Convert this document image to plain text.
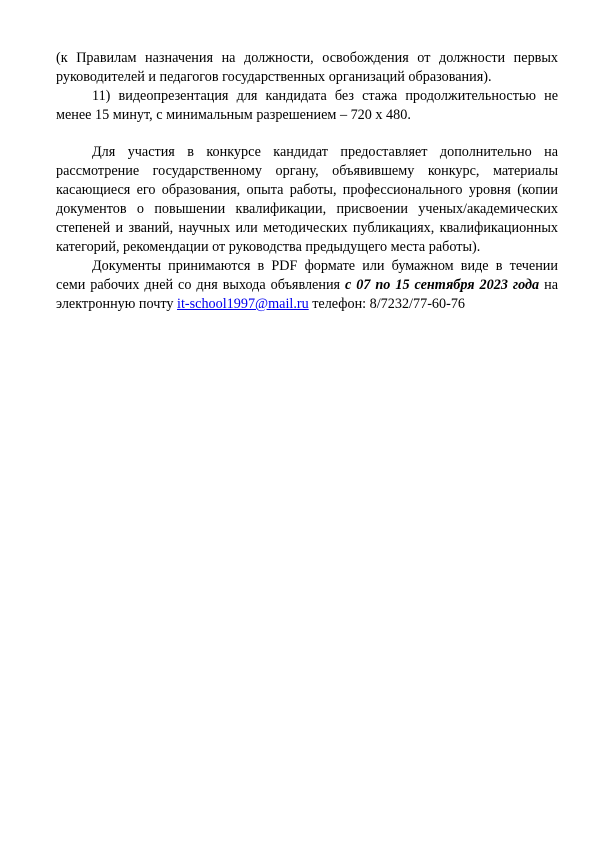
(к Правилам назначения на должности, освобождения от должности первых руководителей и педагогов государственных организаций образования).

11) видеопрезентация для кандидата без стажа продолжительностью не менее 15 минут, с минимальным разрешением – 720 х 480.

Для участия в конкурсе кандидат предоставляет дополнительно на рассмотрение государственному органу, объявившему конкурс, материалы касающиеся его образования, опыта работы, профессионального уровня (копии документов о повышении квалификации, присвоении ученых/академических степеней и званий, научных или методических публикациях, квалификационных категорий, рекомендации от руководства предыдущего места работы).

Документы принимаются в PDF формате или бумажном виде в течении семи рабочих дней со дня выхода объявления с 07 по 15 сентября 2023 года на электронную почту it-school1997@mail.ru телефон: 8/7232/77-60-76
